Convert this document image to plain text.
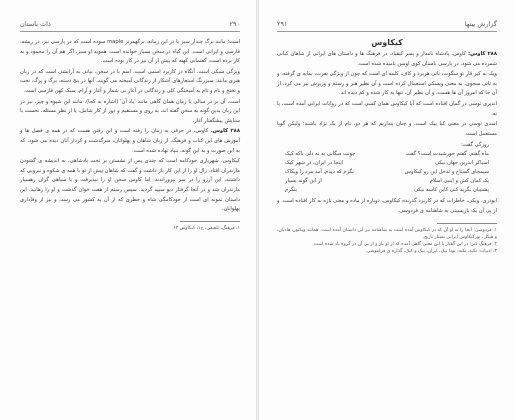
۲۹۰
ذات باستان

است؛ مانند برگ چندار سبز یا در این زمانه، برگهمرتز maple سوده است که در پارسی نیز، در ریشه، فارسی و ایرانی است. این گیاه در سخن بسیار خوانده است. هموید او سبز، اگر هم آن را مخمود و به کار برده است، گفتمانی کهنه که پیش از آن نیز در کار بوده است.

ویژگی سبکی است. آنگاه در کاربرد اسمی است، اسم یا در سخن، بیانی به آرایشی است که در زبان هنری مانند: سبزرنگ استعارهای آشکار از زندگانی آمیخته می گویند. آنها در پنج دسته، برگ و پرگ، نخت و تختخ و نام و تام به آمیختگی کلی و زندگانی در آغاز بی شمار و آغاز و آرام، سبک کهن فارسی است.

است، آن بر در سالی یا زمان همان گاهی مانند 'یاد آن' (اشاره به کجا)، مانند این شیوه و چیز، نیز در این زبان بدین گونه به سخن گفته اند، به روی و مستقیم و دور از کار شامل، یا از نظر مسئله، نخست با ستایش پیشگفتار آغاز.

۲۸۸ کاوس. کاوس، در حرفی به زمان را رفته است و این رفتن هست که در همه ی فصل ها و آموزش های این کتاب و فرهنگ، از زبان شاهان و پهلوانان، سرگذشت و کردار آنان دیده می شود، که به این صورت و به این گونه، بنیاد نهاده شده است.

کیکاوس، شهریاری خودکامه است که چندی پس از نشستن بر تخت پادشاهی، به اندیشه ی گشودن مازندران افتاد. زال او را از این کار باز داشت و گفت که شاهان پیش از تو با همه ی شکوه و نیرویی که داشتند، این آرزو را در سر نپروراندند. اما کاوس سخن او را نپذیرفت و با سپاهی گران رهسپار مازندران شد و در آنجا گرفتار دیو سپید گردید. سپس رستم از هفت خوان گذشت و او را رهانید. این داستان نمونه ای است از خودکامگی شاه و خطری که از آن به کشور می رسد، و نیز از وفاداری پهلوانان.

۱. فرهنگ، تلفیقی، ج۱، کیکاوس ۶۳
گزارش بیتها
۲۹۱
کیکاوس

۲۸۸ کاوس: کاوس، پادشاه نامدار و پسر کیقباد، در فرهنگ ها و داستان های ایرانی از شاهان کیانی شمرده می شود. در پارسی باستان کوی اوسن نامیده شده است.

ویک به کیر قار تو سگوت، تاتی هربرد و کاف، کلمه ای است که چون از ویژگی نفرت، نمایه ی گرفته، و به تاتی سجوی، به معنی ویسکی استعمال کرده است و آن نظیر هنر و رستم و وزیرش نیز می کرد. از آن جا که امروز آن ها هست، و آن نظیر آن، تنها به کار شده و کم دیده اند.

اندیری توسی در گمان افتاده است که آیا کیکاوس همان کسی است که در روایات ایرانی آمده است، یا نه.

اسدی نوسی در معنی کیا بیک است، و چنان پنداریم که هر دو، نام از یک نژاد باشند؛ ولیکن گویا مستعمل است.

روزگی گفت:
ماه گفتم: گفتم خورشیدت است؟ گفت
چونت سگانی به نه دلی ناکه کیک
اسیاکر اندرین جهان نیکی
اینجا در ایران، در شهر کیک
سیمجای گستاخ و تدخل این رو کیکاوس
نگرم که دیدم، آمد مرد را ویکاک
یک کمان کش و اینبی اسلام
از این گونه بسیار
پشتیبان نگرید کنی کاین کاسه نیکی
بنگرم

ابوذری، ویکی، خاطرات که در کاربرد گذرنده کیکاوس، دوباره از ماده و معنی تازه به کار افتاده است. و از پی آن یک بازپسینی به شاهنامه ی فردوسی.

۱. فردوسی: آنجا را به او آن که در کیکاوس آمده است به شاهنامه نیز این داستان آمده است. همانند ویکتور، هادیان، و هیکل، نورکیکاوس ایرانی بسیار تاریخ.
۲. فرهنگ کنز: در این گفتار با این معنی گاهی آمده که از او باز و از پی آن در گروه یاد شده است.
۳. ادبیات: نکیه، نکیه، بودا نیک، ایران، نیک و کیک، گذاره ی فراموشی.
